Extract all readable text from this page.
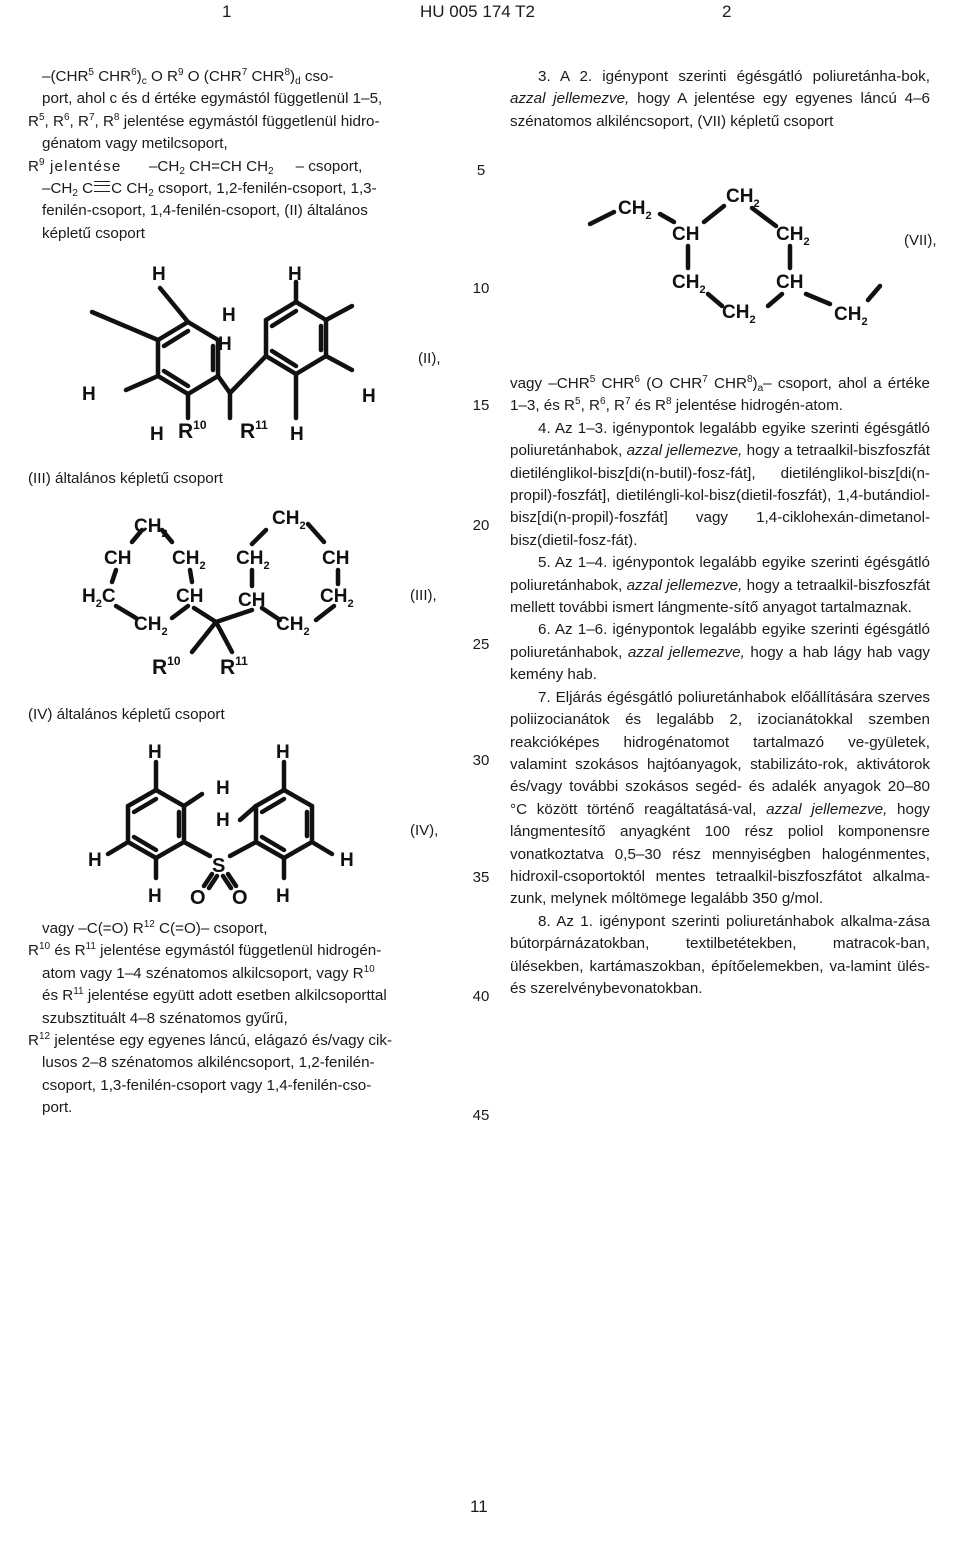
1	HU 005 174 T2	2
5
10
15
20
25
30
35
40
45
–(CHR$^5$ $CHR^6)_c$ O $R^9$ O (CHR$^7$ $CHR^8)_d$ cso-
port, ahol c és d értéke egymástól függetlenül 1–5,
$R^5$, $R^6$, $R^7$, $R^8$ jelentése egymástól függetlenül hidro-
génatom vagy metilcsoport,
$R^9$ jelentése $-CH_2$ CH=CH $CH_2$ – csoport,
$-CH_2$ C C $CH_2$ csoport, 1,2-fenilén-csoport, 1,3-
fenilén-csoport, 1,4-fenilén-csoport, (II) általános
képletű csoport
H	H
H
H
H	H
H	H
$R^{10}$ $R^{11}$
(II),
(III) általános képletű csoport
$CH_2$
CH $CH_2$
$H_2C$	CH
$CH_2$
$CH_2$
$CH_2$	CH
CH	$CH_2$
$CH_2$
$R^{10}$ $R^{11}$
(III),
(IV) általános képletű csoport
H	H
H
H
H	H
H	H
S
O O
(IV),
vagy –C(=O) $R^{12}$ C(=O)– csoport,
$R^{10}$ és $R^{11}$ jelentése egymástól függetlenül hidrogén-
atom vagy 1–4 szénatomos alkilcsoport, vagy $R^{10}$
és $R^{11}$ jelentése együtt adott esetben alkilcsoporttal
szubsztituált 4–8 szénatomos gyűrű,
$R^{12}$ jelentése egy egyenes láncú, elágazó és/vagy cik-
lusos 2–8 szénatomos alkiléncsoport, 1,2-fenilén-
csoport, 1,3-fenilén-csoport vagy 1,4-fenilén-cso-
port.

3. A 2. igénypont szerinti égésgátló poliuretánha-bok, azzal jellemezve, hogy A jelentése egy egyenes láncú 4–6 szénatomos alkiléncsoport, (VII) képletű csoport

$CH_2$
CH
$CH_2$
$CH_2$
$CH_2$	CH
$CH_2$	$CH_2$
(VII),

vagy –CHR$^5$ CHR$^6$ (O CHR$^7$ $CHR^8)_a-$ csoport, ahol a értéke 1–3, és $R^5$, $R^6$, $R^7$ és $R^8$ jelentése hidrogén-atom.

4. Az 1–3. igénypontok legalább egyike szerinti égésgátló poliuretánhabok, azzal jellemezve, hogy a tetraalkil-biszfoszfát dietilénglikol-bisz[di(n-butil)-fosz-fát], dietilénglikol-bisz[di(n-propil)-foszfát], dietiléngli-kol-bisz(dietil-foszfát), 1,4-butándiol-bisz[di(n-propil)-foszfát] vagy 1,4-ciklohexán-dimetanol-bisz(dietil-fosz-fát).

5. Az 1–4. igénypontok legalább egyike szerinti égésgátló poliuretánhabok, azzal jellemezve, hogy a tetraalkil-biszfoszfát mellett további ismert lángmente-sítő anyagot tartalmaznak.

6. Az 1–6. igénypontok legalább egyike szerinti égésgátló poliuretánhabok, azzal jellemezve, hogy a hab lágy hab vagy kemény hab.

7. Eljárás égésgátló poliuretánhabok előállítására szerves poliizocianátok és legalább 2, izocianátokkal szemben reakcióképes hidrogénatomot tartalmazó ve-gyületek, valamint szokásos hajtóanyagok, stabilizáto-rok, aktivátorok és/vagy további szokásos segéd- és adalék anyagok 20–80 °C között történő reagáltatásá-val, azzal jellemezve, hogy lángmentesítő anyagként 100 rész poliol komponensre vonatkoztatva 0,5–30 rész mennyiségben halogénmentes, hidroxil-csoportoktól mentes tetraalkil-biszfoszfátot alkalma-zunk, melynek móltömege legalább 350 g/mol.

8. Az 1. igénypont szerinti poliuretánhabok alkalma-zása bútorpárnázatokban, textilbetétekben, matracok-ban, ülésekben, kartámaszokban, építőelemekben, va-lamint ülés- és szerelvénybevonatokban.

11
